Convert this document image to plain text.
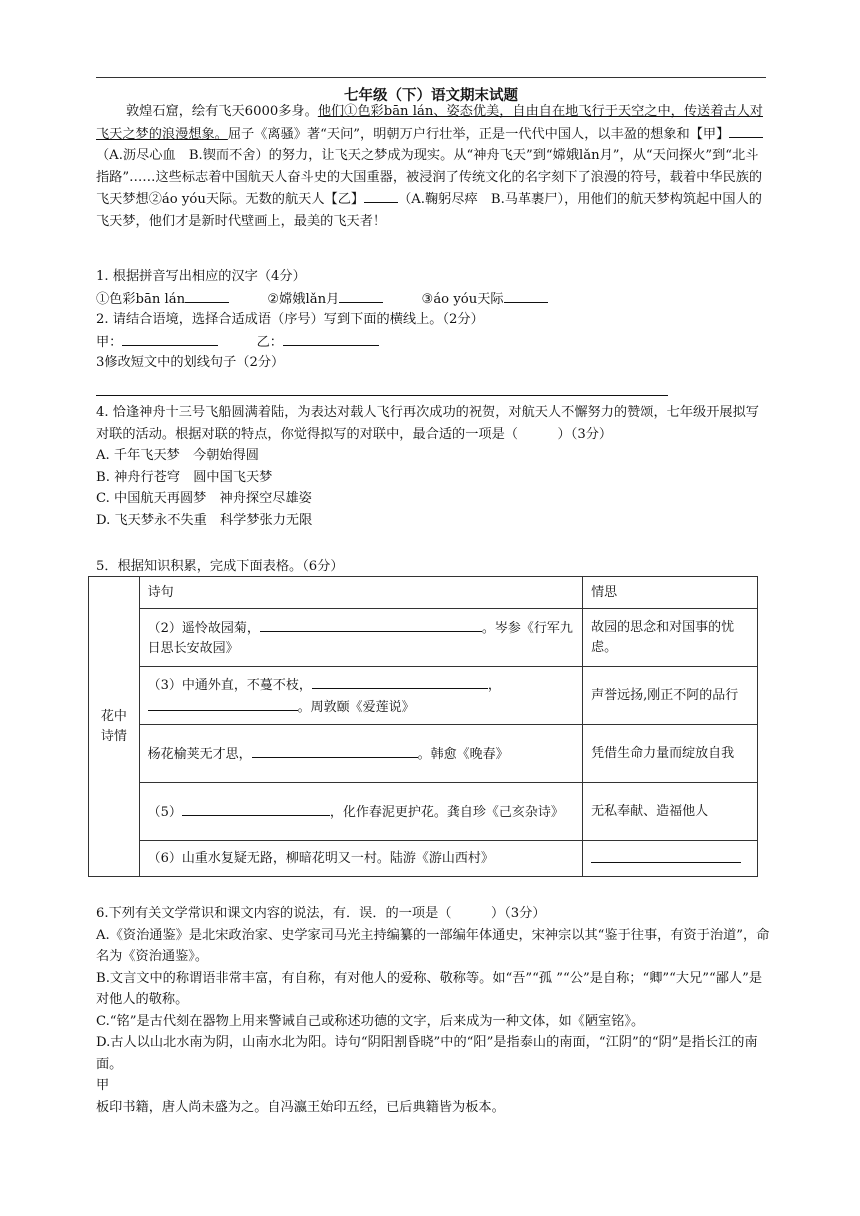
七年级（下）语文期末试题
敦煌石窟，绘有飞天6000多身。他们①色彩bān lán、姿态优美，自由自在地飞行于天空之中，传送着古人对飞天之梦的浪漫想象。屈子《离骚》著“天问”，明朝万户行壮举，正是一代代中国人，以丰盈的想象和【甲】（A.沥尽心血　B.锲而不舍）的努力，让飞天之梦成为现实。从“神舟飞天”到“嫦娥lǎn月”，从“天问探火”到“北斗指路”……这些标志着中国航天人奋斗史的大国重器，被浸润了传统文化的名字刻下了浪漫的符号，载着中华民族的飞天梦想②áo yóu天际。无数的航天人【乙】	（A.鞠躬尽瘁　B.马革裹尸），用他们的航天梦构筑起中国人的飞天梦，他们才是新时代壁画上，最美的飞天者！
1. 根据拼音写出相应的汉字（4分）
①色彩bān lán	②嫦娥lǎn月	③áo yóu天际
2. 请结合语境，选择合适成语（序号）写到下面的横线上。（2分）
甲：	乙：
3修改短文中的划线句子（2分）
4. 恰逢神舟十三号飞船圆满着陆，为表达对载人飞行再次成功的祝贺，对航天人不懈努力的赞颂，七年级开展拟写对联的活动。根据对联的特点，你觉得拟写的对联中，最合适的一项是（　　　）（3分）
A. 千年飞天梦　今朝始得圆
B. 神舟行苍穹　圆中国飞天梦
C. 中国航天再圆梦　神舟探空尽雄姿
D. 飞天梦永不失重　科学梦张力无限
5．根据知识积累，完成下面表格。（6分）
花中诗情	诗句	情思
	（2）遥怜故园菊， 。岑参《行军九日思长安故园》	故园的思念和对国事的忧虑。
	（3）中通外直，不蔓不枝， ，
。周敦颐《爱莲说》	声誉远扬,刚正不阿的品行
	杨花榆荚无才思， 。韩愈《晚春》	凭借生命力量而绽放自我
	（5） ，化作春泥更护花。龚自珍《己亥杂诗》	无私奉献、造福他人
	（6）山重水复疑无路，柳暗花明又一村。陆游《游山西村》	
6.下列有关文学常识和课文内容的说法，有．误．的一项是（　　　）（3分）
A.《资治通鉴》是北宋政治家、史学家司马光主持编纂的一部编年体通史，宋神宗以其“鉴于往事，有资于治道”，命名为《资治通鉴》。
B.文言文中的称谓语非常丰富，有自称，有对他人的爱称、敬称等。如“吾”“孤 ”“公”是自称；“卿”“大兄”“鄙人”是对他人的敬称。
C.“铭”是古代刻在器物上用来警诫自己或称述功德的文字，后来成为一种文体，如《陋室铭》。
D.古人以山北水南为阴，山南水北为阳。诗句“阴阳割昏晓”中的“阳”是指泰山的南面，“江阴”的“阴”是指长江的南面。
甲
板印书籍，唐人尚未盛为之。自冯瀛王始印五经，已后典籍皆为板本。
